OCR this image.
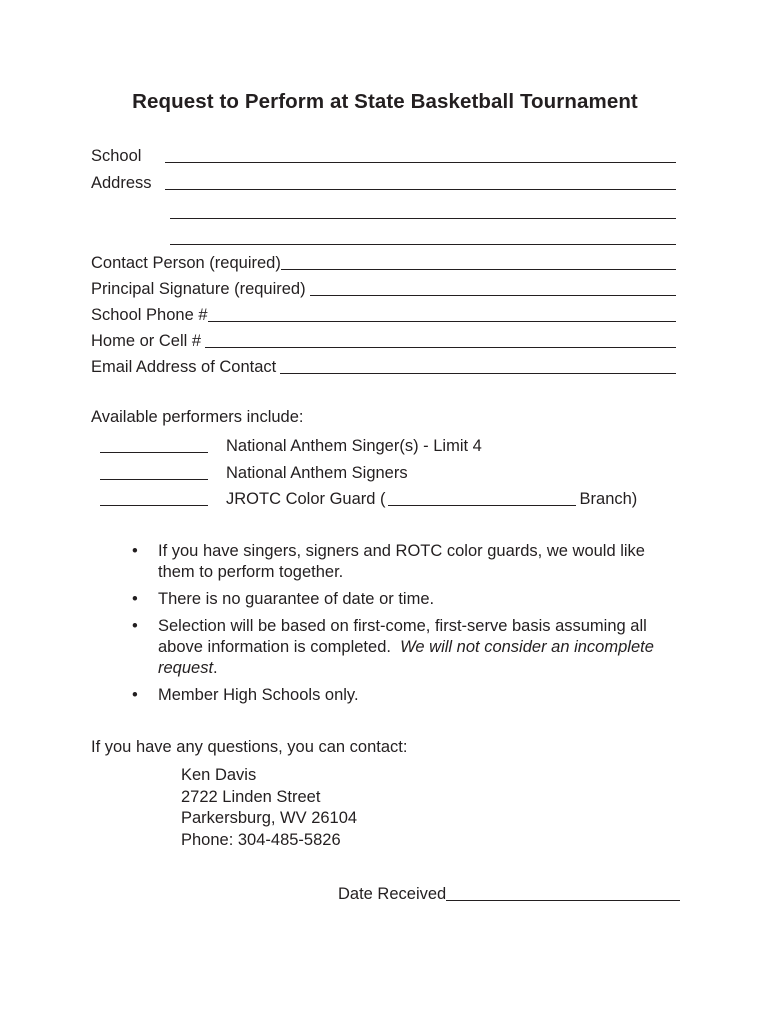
Request to Perform at State Basketball Tournament
School
Address
Contact Person (required)
Principal Signature (required)
School Phone #
Home or Cell #
Email Address of Contact
Available performers include:
National Anthem Singer(s) - Limit 4
National Anthem Signers
JROTC Color Guard (	Branch)
•	If you have singers, signers and ROTC color guards, we would like them to perform together.
•	There is no guarantee of date or time.
•	Selection will be based on first-come, first-serve basis assuming all above information is completed. We will not consider an incomplete request.
•	Member High Schools only.
If you have any questions, you can contact:
Ken Davis
2722 Linden Street
Parkersburg, WV 26104
Phone: 304-485-5826
Date Received
